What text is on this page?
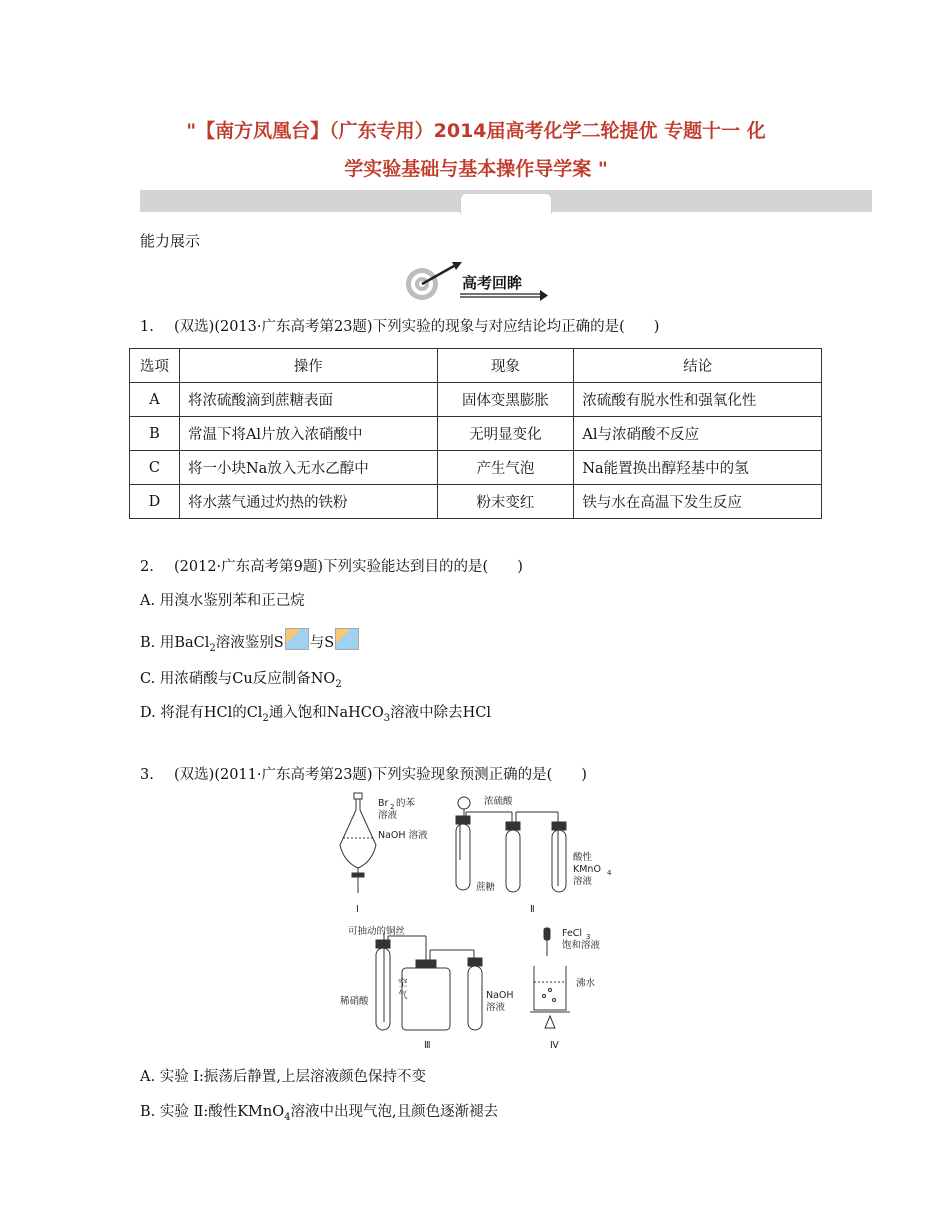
"【南方凤凰台】（广东专用）2014届高考化学二轮提优 专题十一 化
学实验基础与基本操作导学案 "
能力展示
高考回眸
1. (双选)(2013·广东高考第23题)下列实验的现象与对应结论均正确的是(　　)
选项	操作	现象	结论
A	将浓硫酸滴到蔗糖表面	固体变黑膨胀	浓硫酸有脱水性和强氧化性
B	常温下将Al片放入浓硝酸中	无明显变化	Al与浓硝酸不反应
C	将一小块Na放入无水乙醇中	产生气泡	Na能置换出醇羟基中的氢
D	将水蒸气通过灼热的铁粉	粉末变红	铁与水在高温下发生反应
2. (2012·广东高考第9题)下列实验能达到目的的是(　　)
A. 用溴水鉴别苯和正己烷
B. 用BaCl$_2$溶液鉴别S 与S
C. 用浓硝酸与Cu反应制备$NO_2$
D. 将混有HCl的$Cl_2$通入饱和NaHCO$_3$溶液中除去HCl
3. (双选)(2011·广东高考第23题)下列实验现象预测正确的是(　　)
Br 2 的苯
溶液
NaOH 溶液
Ⅰ
浓硫酸
蔗糖
酸性
KMnO 4
溶液
Ⅱ
可抽动的铜丝
稀硝酸
空
气	NaOH
溶液
Ⅲ
FeCl 3
饱和溶液
沸水
Ⅳ
A. 实验 Ⅰ:振荡后静置,上层溶液颜色保持不变
B. 实验 Ⅱ:酸性KMnO$_4$溶液中出现气泡,且颜色逐渐褪去
